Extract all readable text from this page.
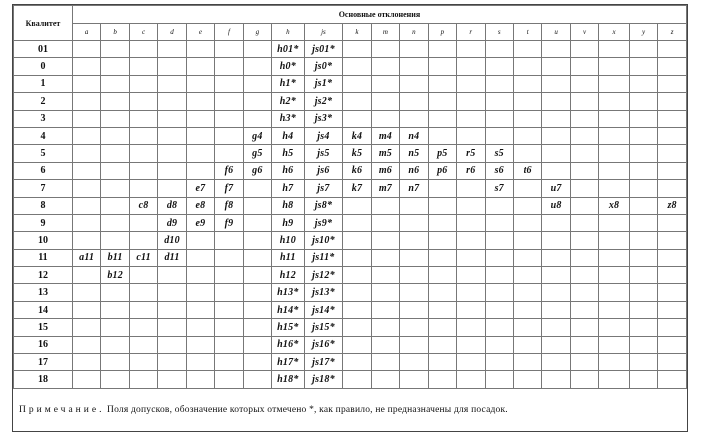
Квалитет	Основные отклонения																				
	a	b	c	d	e	f	g	h	js	k	m	n	p	r	s	t	u	v	x	y	z
01								h01*	js01*												
0								h0*	js0*												
1								h1*	js1*												
2								h2*	js2*												
3								h3*	js3*												
4							g4	h4	js4	k4	m4	n4									
5							g5	h5	js5	k5	m5	n5	p5	r5	s5						
6						f6	g6	h6	js6	k6	m6	n6	p6	r6	s6	t6					
7					e7	f7		h7	js7	k7	m7	n7			s7		u7				
8			c8	d8	e8	f8		h8	js8*								u8		x8		z8
9				d9	e9	f9		h9	js9*												
10				d10				h10	js10*												
11	a11	b11	c11	d11				h11	js11*												
12		b12						h12	js12*												
13								h13*	js13*												
14								h14*	js14*												
15								h15*	js15*												
16								h16*	js16*												
17								h17*	js17*												
18								h18*	js18*												
Примечание. Поля допусков, обозначение которых отмечено *, как правило, не предназначены для посадок.
